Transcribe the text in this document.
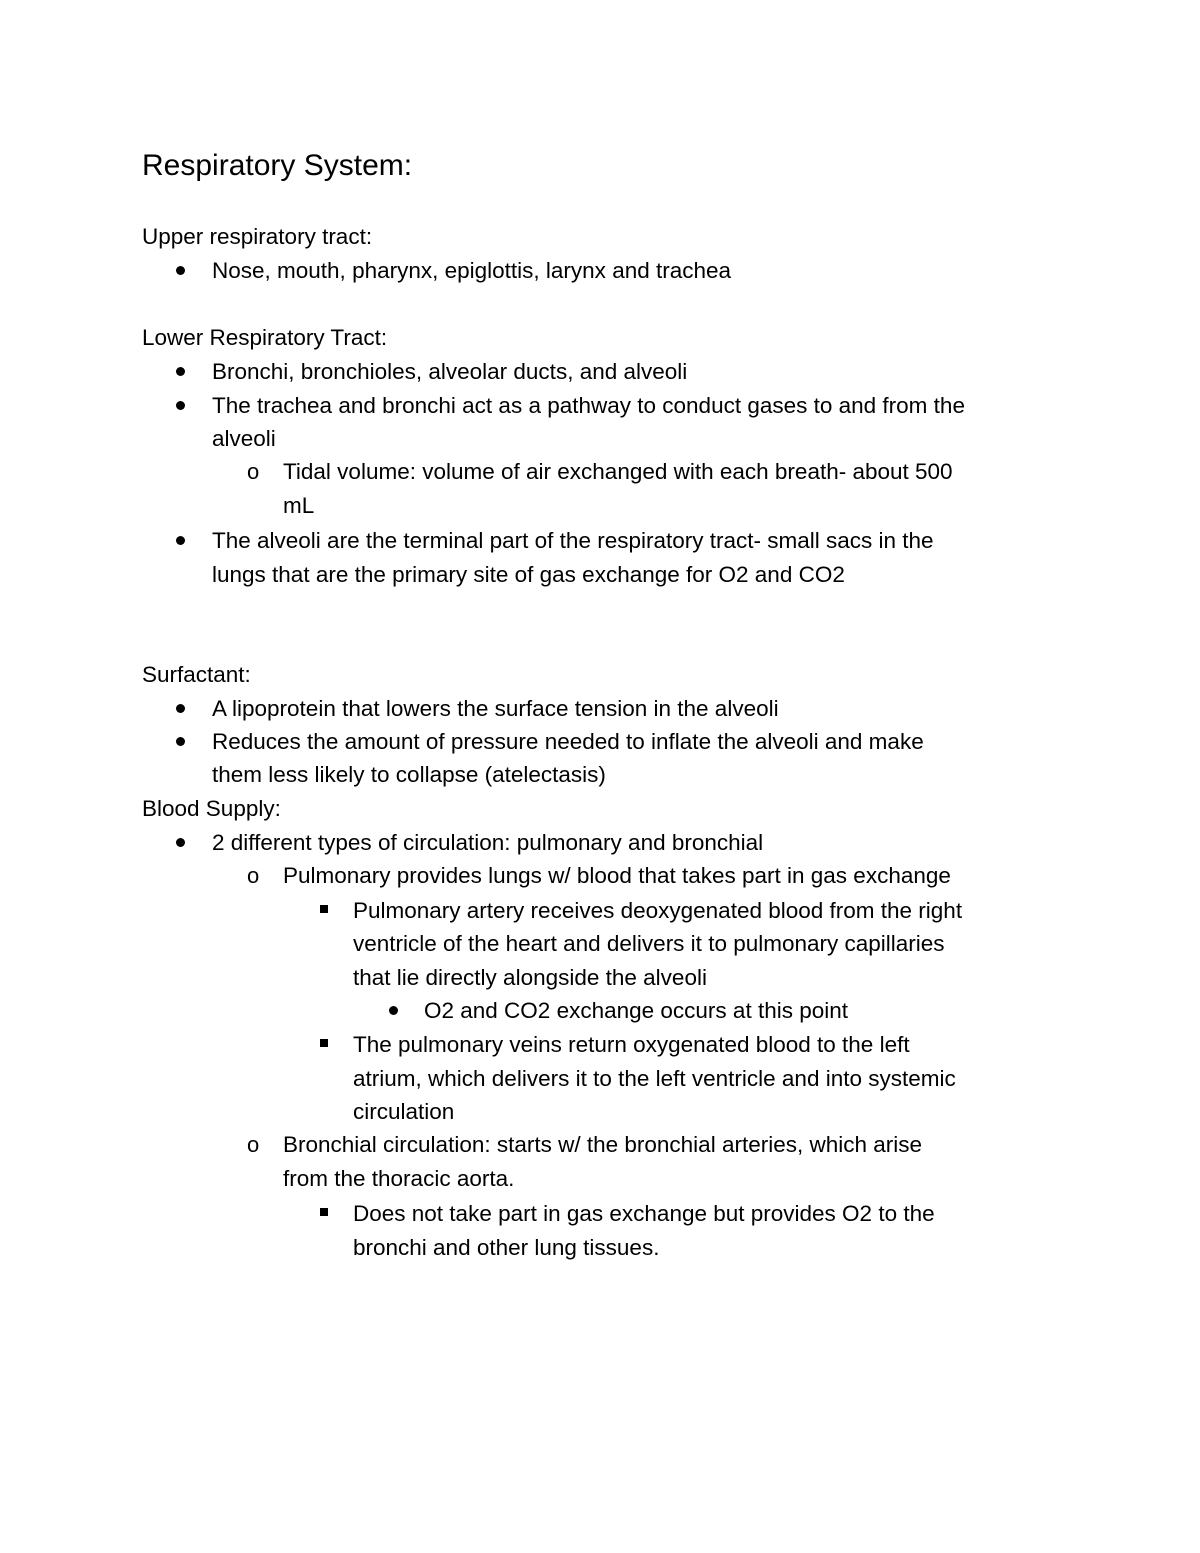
Respiratory System:
Upper respiratory tract:
Nose, mouth, pharynx, epiglottis, larynx and trachea
Lower Respiratory Tract:
Bronchi, bronchioles, alveolar ducts, and alveoli
The trachea and bronchi act as a pathway to conduct gases to and from the
alveoli
o Tidal volume: volume of air exchanged with each breath- about 500
mL
The alveoli are the terminal part of the respiratory tract- small sacs in the
lungs that are the primary site of gas exchange for O2 and CO2
Surfactant:
A lipoprotein that lowers the surface tension in the alveoli
Reduces the amount of pressure needed to inflate the alveoli and make
them less likely to collapse (atelectasis)
Blood Supply:
2 different types of circulation: pulmonary and bronchial
o Pulmonary provides lungs w/ blood that takes part in gas exchange
Pulmonary artery receives deoxygenated blood from the right
ventricle of the heart and delivers it to pulmonary capillaries
that lie directly alongside the alveoli
O2 and CO2 exchange occurs at this point
The pulmonary veins return oxygenated blood to the left
atrium, which delivers it to the left ventricle and into systemic
circulation
o Bronchial circulation: starts w/ the bronchial arteries, which arise
from the thoracic aorta.
Does not take part in gas exchange but provides O2 to the
bronchi and other lung tissues.
